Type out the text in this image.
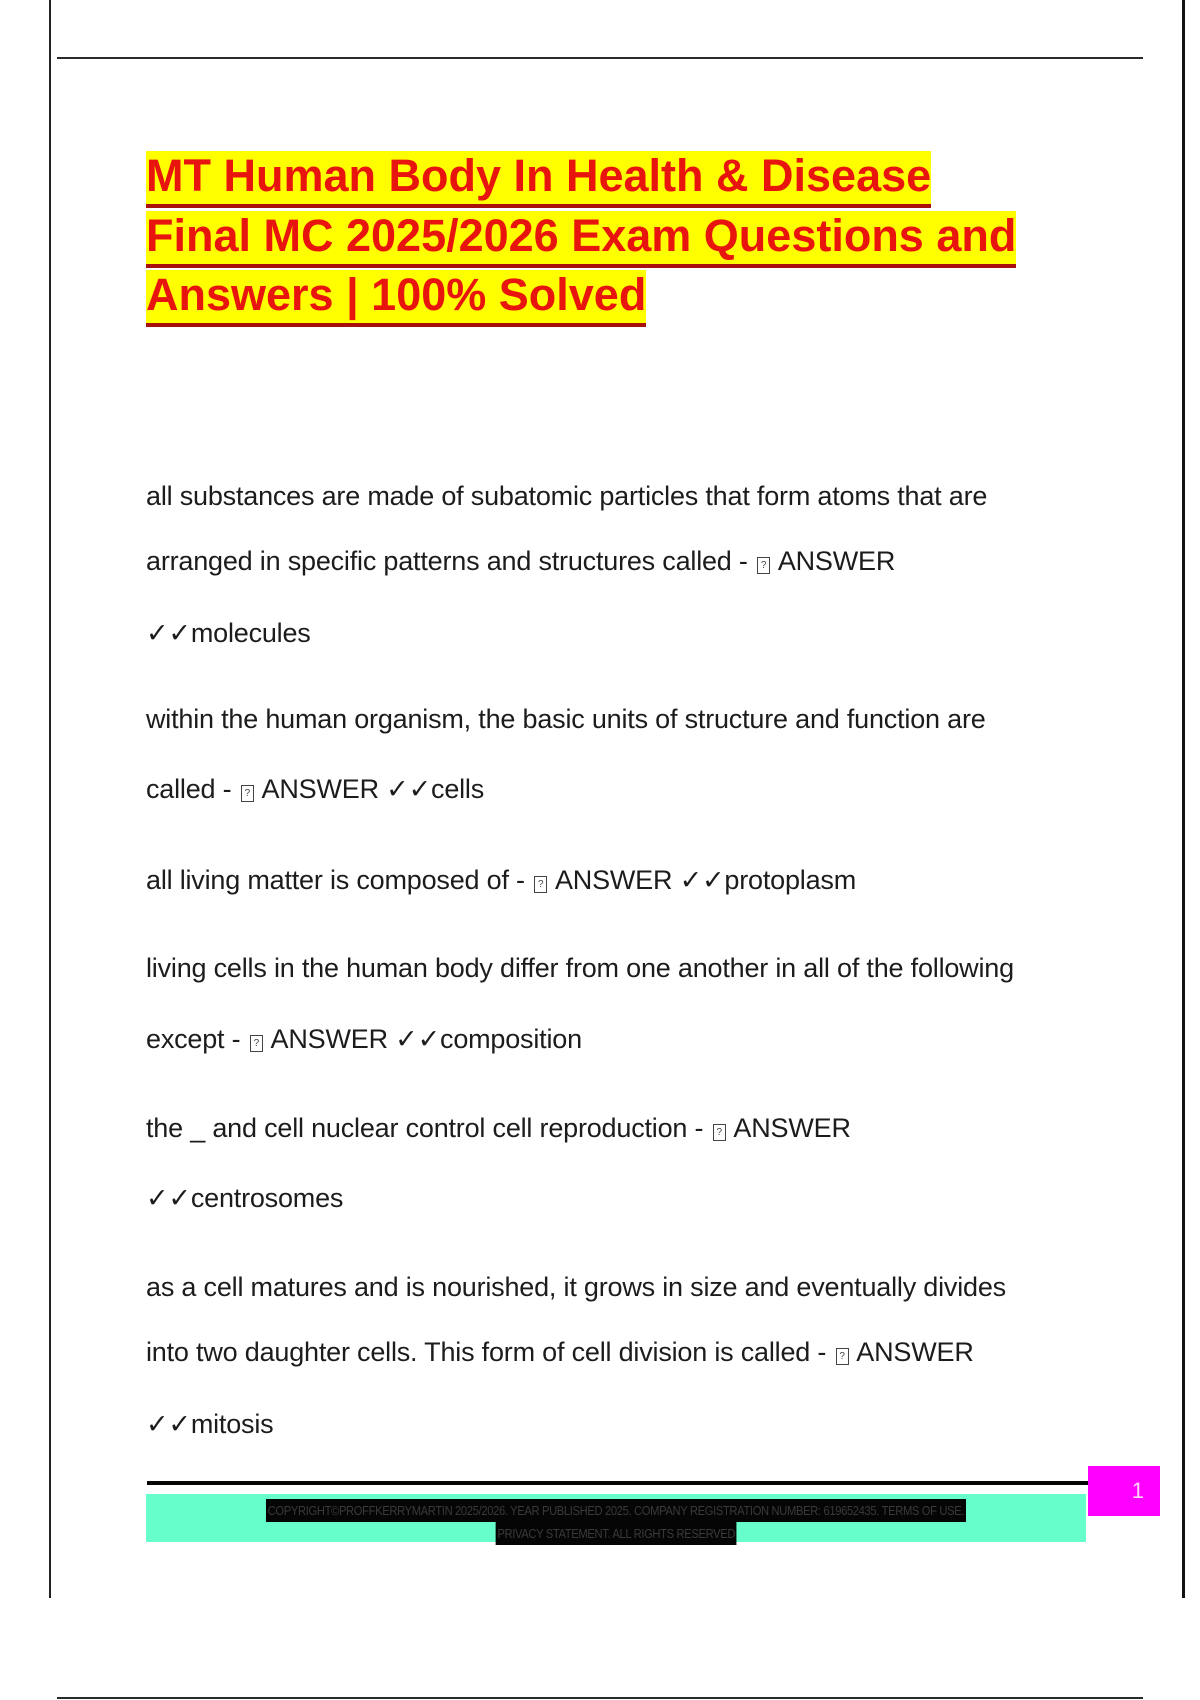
MT Human Body In Health & Disease
Final MC 2025/2026 Exam Questions and
Answers | 100% Solved
all substances are made of subatomic particles that form atoms that are
arranged in specific patterns and structures called - ? ANSWER
✓✓molecules
within the human organism, the basic units of structure and function are
called - ? ANSWER ✓✓cells
all living matter is composed of - ? ANSWER ✓✓protoplasm
living cells in the human body differ from one another in all of the following
except - ? ANSWER ✓✓composition
the _ and cell nuclear control cell reproduction - ? ANSWER
✓✓centrosomes
as a cell matures and is nourished, it grows in size and eventually divides
into two daughter cells. This form of cell division is called - ? ANSWER
✓✓mitosis
COPYRIGHT©PROFFKERRYMARTIN 2025/2026. YEAR PUBLISHED 2025. COMPANY REGISTRATION NUMBER: 619652435. TERMS OF USE.
PRIVACY STATEMENT. ALL RIGHTS RESERVED
1
